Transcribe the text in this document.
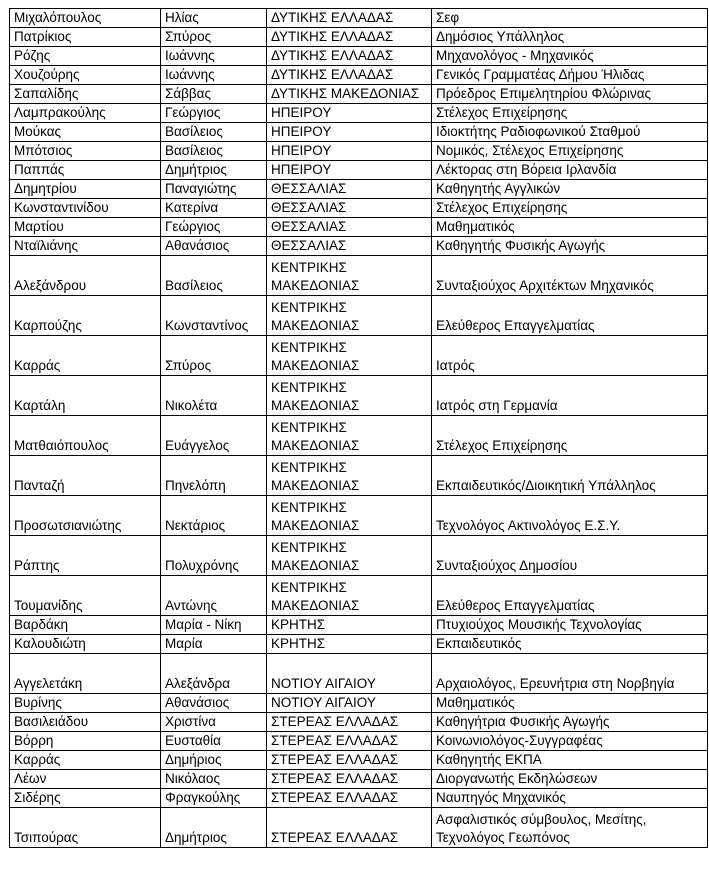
Μιχαλόπουλος	Ηλίας	ΔΥΤΙΚΗΣ ΕΛΛΑΔΑΣ	Σεφ
Πατρίκιος	Σπύρος	ΔΥΤΙΚΗΣ ΕΛΛΑΔΑΣ	Δημόσιος Υπάλληλος
Ρόζης	Ιωάννης	ΔΥΤΙΚΗΣ ΕΛΛΑΔΑΣ	Μηχανολόγος - Μηχανικός
Χουζούρης	Ιωάννης	ΔΥΤΙΚΗΣ ΕΛΛΑΔΑΣ	Γενικός Γραμματέας Δήμου Ήλιδας
Σαπαλίδης	Σάββας	ΔΥΤΙΚΗΣ ΜΑΚΕΔΟΝΙΑΣ	Πρόεδρος Επιμελητηρίου Φλώρινας
Λαμπρακούλης	Γεώργιος	ΗΠΕΙΡΟΥ	Στέλεχος Επιχείρησης
Μούκας	Βασίλειος	ΗΠΕΙΡΟΥ	Ιδιοκτήτης Ραδιοφωνικού Σταθμού
Μπότσιος	Βασίλειος	ΗΠΕΙΡΟΥ	Νομικός, Στέλεχος Επιχείρησης
Παππάς	Δημήτριος	ΗΠΕΙΡΟΥ	Λέκτορας στη Βόρεια Ιρλανδία
Δημητρίου	Παναγιώτης	ΘΕΣΣΑΛΙΑΣ	Καθηγητής Αγγλικών
Κωνσταντινίδου	Κατερίνα	ΘΕΣΣΑΛΙΑΣ	Στέλεχος Επιχείρησης
Μαρτίου	Γεώργιος	ΘΕΣΣΑΛΙΑΣ	Μαθηματικός
Νταϊλιάνης	Αθανάσιος	ΘΕΣΣΑΛΙΑΣ	Καθηγητής Φυσικής Αγωγής
Αλεξάνδρου	Βασίλειος	ΚΕΝΤΡΙΚΗΣ ΜΑΚΕΔΟΝΙΑΣ	Συνταξιούχος Αρχιτέκτων Μηχανικός
Καρπούζης	Κωνσταντίνος	ΚΕΝΤΡΙΚΗΣ ΜΑΚΕΔΟΝΙΑΣ	Ελεύθερος Επαγγελματίας
Καρράς	Σπύρος	ΚΕΝΤΡΙΚΗΣ ΜΑΚΕΔΟΝΙΑΣ	Ιατρός
Καρτάλη	Νικολέτα	ΚΕΝΤΡΙΚΗΣ ΜΑΚΕΔΟΝΙΑΣ	Ιατρός στη Γερμανία
Ματθαιόπουλος	Ευάγγελος	ΚΕΝΤΡΙΚΗΣ ΜΑΚΕΔΟΝΙΑΣ	Στέλεχος Επιχείρησης
Πανταζή	Πηνελόπη	ΚΕΝΤΡΙΚΗΣ ΜΑΚΕΔΟΝΙΑΣ	Εκπαιδευτικός/Διοικητική Υπάλληλος
Προσωτσιανιώτης	Νεκτάριος	ΚΕΝΤΡΙΚΗΣ ΜΑΚΕΔΟΝΙΑΣ	Τεχνολόγος Ακτινολόγος Ε.Σ.Υ.
Ράπτης	Πολυχρόνης	ΚΕΝΤΡΙΚΗΣ ΜΑΚΕΔΟΝΙΑΣ	Συνταξιούχος Δημοσίου
Τουμανίδης	Αντώνης	ΚΕΝΤΡΙΚΗΣ ΜΑΚΕΔΟΝΙΑΣ	Ελεύθερος Επαγγελματίας
Βαρδάκη	Μαρία - Νίκη	ΚΡΗΤΗΣ	Πτυχιούχος Μουσικής Τεχνολογίας
Καλουδιώτη	Μαρία	ΚΡΗΤΗΣ	Εκπαιδευτικός
Αγγελετάκη	Αλεξάνδρα	ΝΟΤΙΟΥ ΑΙΓΑΙΟΥ	Αρχαιολόγος, Ερευνήτρια στη Νορβηγία
Βυρίνης	Αθανάσιος	ΝΟΤΙΟΥ ΑΙΓΑΙΟΥ	Μαθηματικός
Βασιλειάδου	Χριστίνα	ΣΤΕΡΕΑΣ ΕΛΛΑΔΑΣ	Καθηγήτρια Φυσικής Αγωγής
Βόρρη	Ευσταθία	ΣΤΕΡΕΑΣ ΕΛΛΑΔΑΣ	Κοινωνιολόγος-Συγγραφέας
Καρράς	Δημήριος	ΣΤΕΡΕΑΣ ΕΛΛΑΔΑΣ	Καθηγητής ΕΚΠΑ
Λέων	Νικόλαος	ΣΤΕΡΕΑΣ ΕΛΛΑΔΑΣ	Διοργανωτής Εκδηλώσεων
Σιδέρης	Φραγκούλης	ΣΤΕΡΕΑΣ ΕΛΛΑΔΑΣ	Ναυπηγός Μηχανικός
Τσιπούρας	Δημήτριος	ΣΤΕΡΕΑΣ ΕΛΛΑΔΑΣ	Ασφαλιστικός σύμβουλος, Μεσίτης, Τεχνολόγος Γεωπόνος
